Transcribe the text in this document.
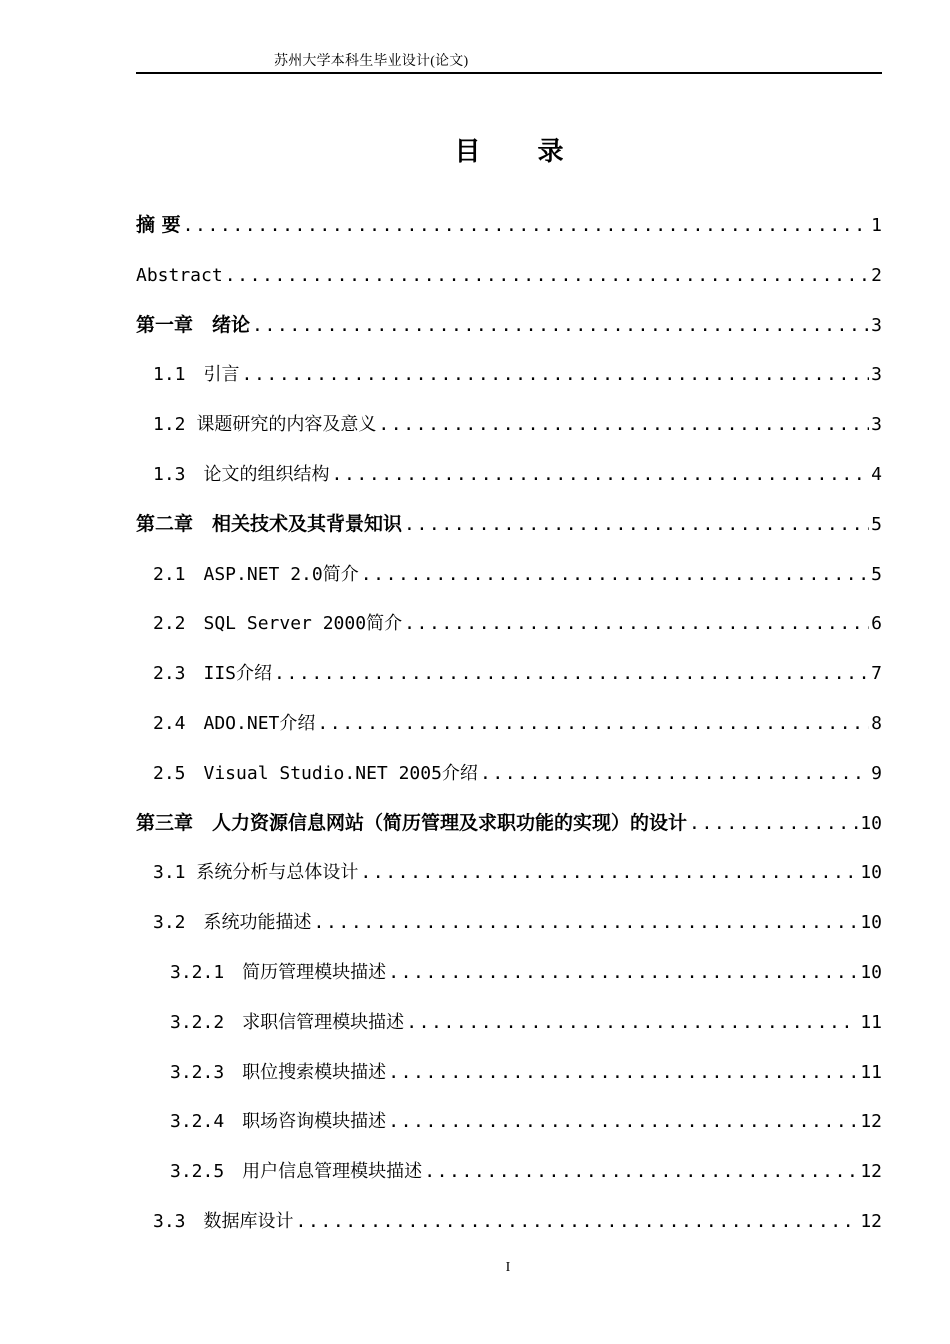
苏州大学本科生毕业设计(论文)
目 录
摘 要 .....	1
Abstract .....	2
第一章　绪论 .....	3
1.1　引言 .....	3
1.2 课题研究的内容及意义 .....	3
1.3　论文的组织结构 .....	4
第二章　相关技术及其背景知识 .....	5
2.1　ASP.NET 2.0简介 .....	5
2.2　SQL Server 2000简介 .....	6
2.3　IIS介绍 .....	7
2.4　ADO.NET介绍 .....	8
2.5　Visual Studio.NET 2005介绍 .....	9
第三章　人力资源信息网站（简历管理及求职功能的实现）的设计 .....	10
3.1 系统分析与总体设计 .....	10
3.2　系统功能描述 .....	10
3.2.1　简历管理模块描述 .....	10
3.2.2　求职信管理模块描述 .....	11
3.2.3　职位搜索模块描述 .....	11
3.2.4　职场咨询模块描述 .....	12
3.2.5　用户信息管理模块描述 .....	12
3.3　数据库设计 .....	12
I
